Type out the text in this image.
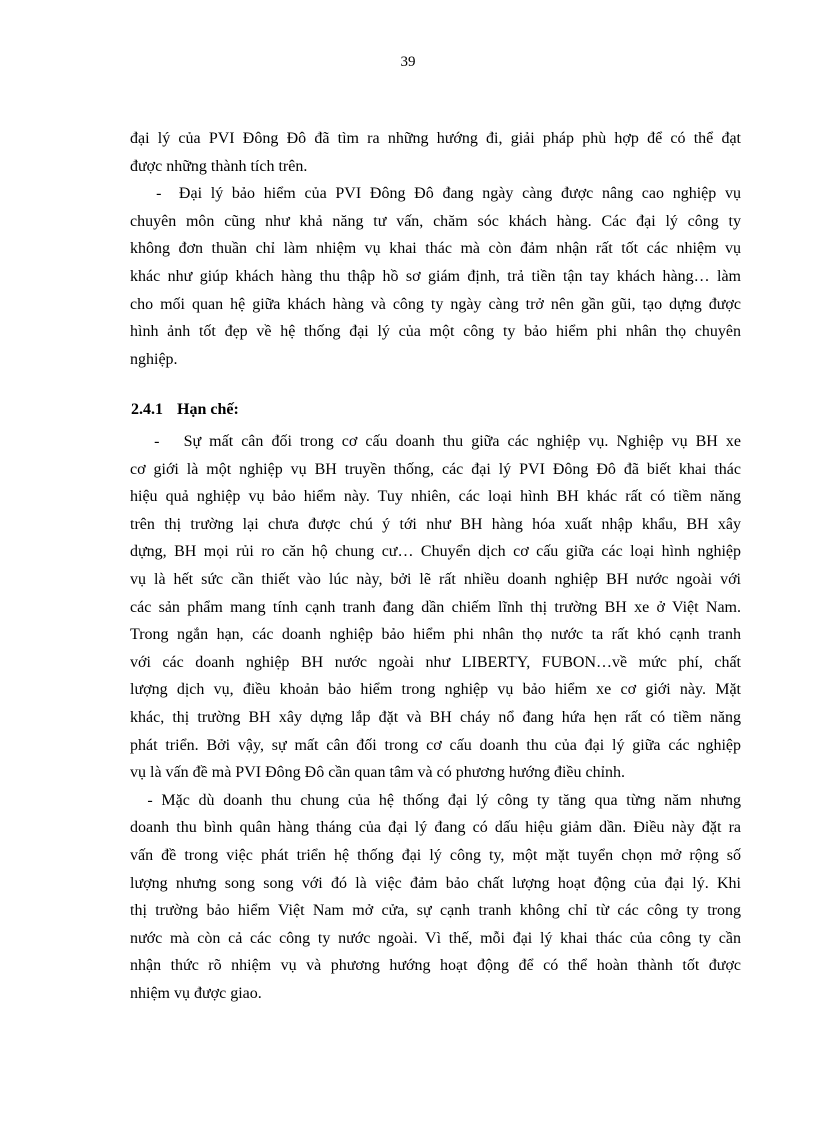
39
đại lý của PVI Đông Đô đã tìm ra những hướng đi, giải pháp phù hợp để có thể đạt
được những thành tích trên.
-  Đại lý bảo hiểm của PVI Đông Đô đang ngày càng được nâng cao nghiệp vụ
chuyên môn cũng như khả năng tư vấn, chăm sóc khách hàng. Các đại lý công ty
không đơn thuần chỉ làm nhiệm vụ khai thác mà còn đảm nhận rất tốt các nhiệm vụ
khác như giúp khách hàng thu thập hồ sơ giám định, trả tiền tận tay khách hàng… làm
cho mối quan hệ giữa khách hàng và công ty ngày càng trở nên gần gũi, tạo dựng được
hình ảnh tốt đẹp về hệ thống đại lý của một công ty bảo hiểm phi nhân thọ chuyên
nghiệp.
2.4.1 Hạn chế:
-   Sự mất cân đối trong cơ cấu doanh thu giữa các nghiệp vụ. Nghiệp vụ BH xe
cơ giới là một nghiệp vụ BH truyền thống, các đại lý PVI Đông Đô đã biết khai thác
hiệu quả nghiệp vụ bảo hiểm này. Tuy nhiên, các loại hình BH khác rất có tiềm năng
trên thị trường lại chưa được chú ý tới như BH hàng hóa xuất nhập khẩu, BH xây
dựng, BH mọi rủi ro căn hộ chung cư… Chuyển dịch cơ cấu giữa các loại hình nghiệp
vụ là hết sức cần thiết vào lúc này, bởi lẽ rất nhiều doanh nghiệp BH nước ngoài với
các sản phẩm mang tính cạnh tranh đang dần chiếm lĩnh thị trường BH xe ở Việt Nam.
Trong ngắn hạn, các doanh nghiệp bảo hiểm phi nhân thọ nước ta rất khó cạnh tranh
với các doanh nghiệp BH nước ngoài như LIBERTY, FUBON…về mức phí, chất
lượng dịch vụ, điều khoản bảo hiểm trong nghiệp vụ bảo hiểm xe cơ giới này. Mặt
khác, thị trường BH xây dựng lắp đặt và BH cháy nổ đang hứa hẹn rất có tiềm năng
phát triển. Bởi vậy, sự mất cân đối trong cơ cấu doanh thu của đại lý giữa các nghiệp
vụ là vấn đề mà PVI Đông Đô cần quan tâm và có phương hướng điều chỉnh.
- Mặc dù doanh thu chung của hệ thống đại lý công ty tăng qua từng năm nhưng
doanh thu bình quân hàng tháng của đại lý đang có dấu hiệu giảm dần. Điều này đặt ra
vấn đề trong việc phát triển hệ thống đại lý công ty, một mặt tuyển chọn mở rộng số
lượng nhưng song song với đó là việc đảm bảo chất lượng hoạt động của đại lý. Khi
thị trường bảo hiểm Việt Nam mở cửa, sự cạnh tranh không chỉ từ các công ty trong
nước mà còn cả các công ty nước ngoài. Vì thế, mỗi đại lý khai thác của công ty cần
nhận thức rõ nhiệm vụ và phương hướng hoạt động để có thể hoàn thành tốt được
nhiệm vụ được giao.
